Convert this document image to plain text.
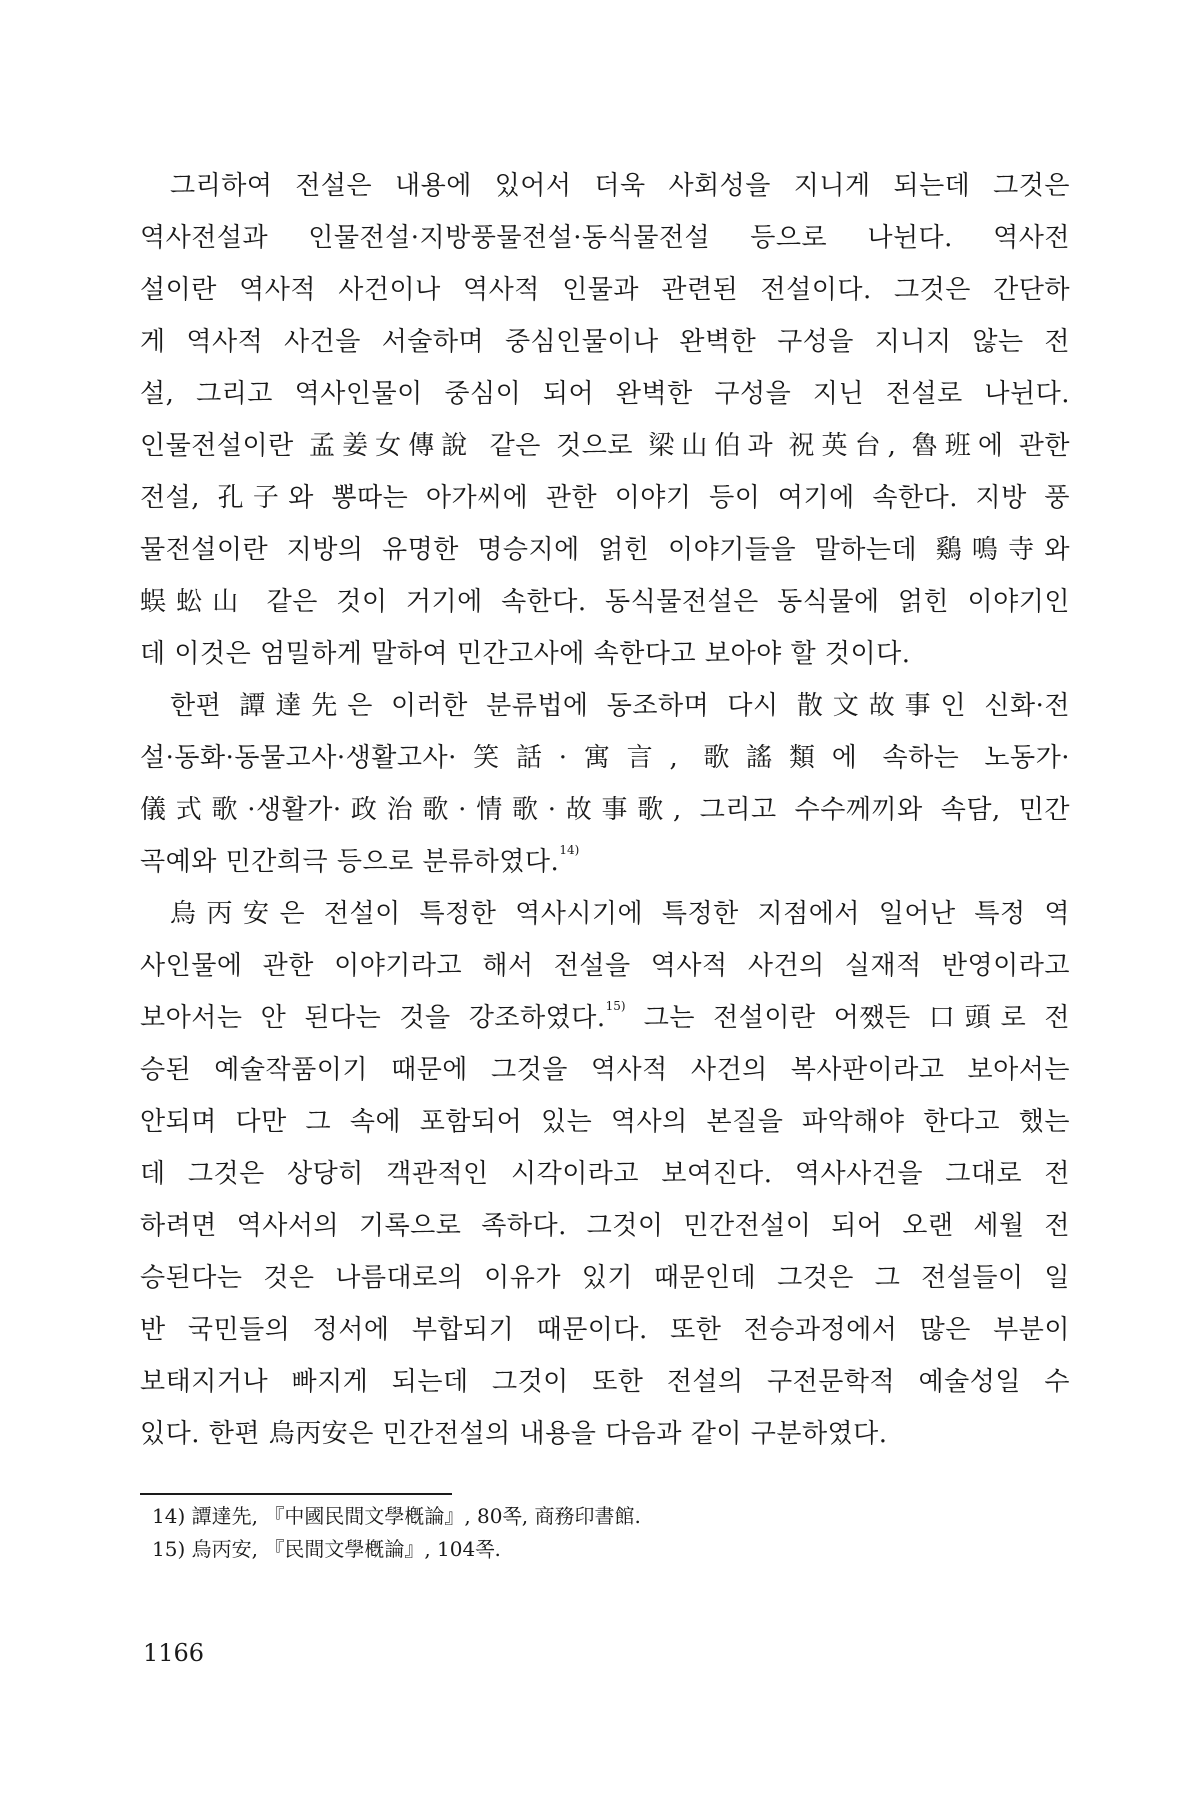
그리하여 전설은 내용에 있어서 더욱 사회성을 지니게 되는데 그것은
역사전설과 인물전설·지방풍물전설·동식물전설 등으로 나뉜다. 역사전
설이란 역사적 사건이나 역사적 인물과 관련된 전설이다. 그것은 간단하
게 역사적 사건을 서술하며 중심인물이나 완벽한 구성을 지니지 않는 전
설, 그리고 역사인물이 중심이 되어 완벽한 구성을 지닌 전설로 나뉜다.
인물전설이란 孟姜女傳說 같은 것으로 梁山伯과 祝英台, 魯班에 관한
전설, 孔子와 뽕따는 아가씨에 관한 이야기 등이 여기에 속한다. 지방 풍
물전설이란 지방의 유명한 명승지에 얽힌 이야기들을 말하는데 鷄鳴寺와
蜈蚣山 같은 것이 거기에 속한다. 동식물전설은 동식물에 얽힌 이야기인
데 이것은 엄밀하게 말하여 민간고사에 속한다고 보아야 할 것이다.
한편 譚達先은 이러한 분류법에 동조하며 다시 散文故事인 신화·전
설·동화·동물고사·생활고사·笑話·寓言, 歌謠類에 속하는 노동가·
儀式歌·생활가·政治歌·情歌·故事歌, 그리고 수수께끼와 속담, 민간
곡예와 민간희극 등으로 분류하였다.$^{14)}$
烏丙安은 전설이 특정한 역사시기에 특정한 지점에서 일어난 특정 역
사인물에 관한 이야기라고 해서 전설을 역사적 사건의 실재적 반영이라고
보아서는 안 된다는 것을 강조하였다.$^{15)}$ 그는 전설이란 어쨌든 口頭로 전
승된 예술작품이기 때문에 그것을 역사적 사건의 복사판이라고 보아서는
안되며 다만 그 속에 포함되어 있는 역사의 본질을 파악해야 한다고 했는
데 그것은 상당히 객관적인 시각이라고 보여진다. 역사사건을 그대로 전
하려면 역사서의 기록으로 족하다. 그것이 민간전설이 되어 오랜 세월 전
승된다는 것은 나름대로의 이유가 있기 때문인데 그것은 그 전설들이 일
반 국민들의 정서에 부합되기 때문이다. 또한 전승과정에서 많은 부분이
보태지거나 빠지게 되는데 그것이 또한 전설의 구전문학적 예술성일 수
있다. 한편 烏丙安은 민간전설의 내용을 다음과 같이 구분하였다.
14) 譚達先, 『中國民間文學槪論』, 80쪽, 商務印書館.
15) 烏丙安, 『民間文學槪論』, 104쪽.
1166
